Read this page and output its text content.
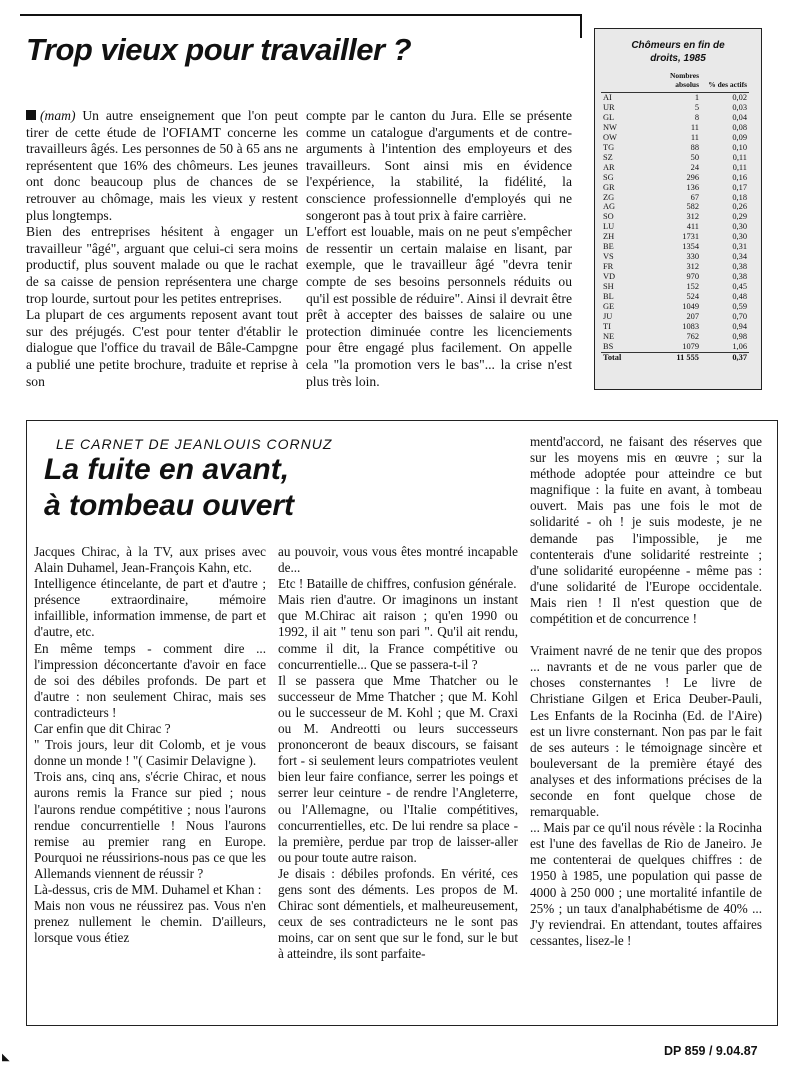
Trop vieux pour travailler ?

(mam) Un autre enseignement que l'on peut tirer de cette étude de l'OFIAMT concerne les travailleurs âgés. Les personnes de 50 à 65 ans ne représentent que 16% des chômeurs. Les jeunes ont donc beaucoup plus de chances de se retrouver au chômage, mais les vieux y restent plus longtemps.

Bien des entreprises hésitent à engager un travailleur "âgé", arguant que celui-ci sera moins productif, plus souvent malade ou que le rachat de sa caisse de pension représentera une charge trop lourde, surtout pour les petites entreprises.

La plupart de ces arguments reposent avant tout sur des préjugés. C'est pour tenter d'établir le dialogue que l'office du travail de Bâle-Campgne a publié une petite brochure, traduite et reprise à son

compte par le canton du Jura. Elle se présente comme un catalogue d'arguments et de contre-arguments à l'intention des employeurs et des travailleurs. Sont ainsi mis en évidence l'expérience, la stabilité, la fidélité, la conscience professionnelle d'employés qui ne songeront pas à tout prix à faire carrière.

L'effort est louable, mais on ne peut s'empêcher de ressentir un certain malaise en lisant, par exemple, que le travailleur âgé "devra tenir compte de ses besoins personnels réduits ou qu'il est possible de réduire". Ainsi il devrait être prêt à accepter des baisses de salaire ou une protection diminuée contre les licenciements pour être engagé plus facilement. On appelle cela "la promotion vers le bas"... la crise n'est plus très loin.

Chômeurs en fin de
droits, 1985
	Nombres absolus	% des actifs
AI	1	0,02
UR	5	0,03
GL	8	0,04
NW	11	0,08
OW	11	0,09
TG	88	0,10
SZ	50	0,11
AR	24	0,11
SG	296	0,16
GR	136	0,17
ZG	67	0,18
AG	582	0,26
SO	312	0,29
LU	411	0,30
ZH	1731	0,30
BE	1354	0,31
VS	330	0,34
FR	312	0,38
VD	970	0,38
SH	152	0,45
BL	524	0,48
GE	1049	0,59
JU	207	0,70
TI	1083	0,94
NE	762	0,98
BS	1079	1,06
Total	11 555	0,37
LE CARNET DE JEANLOUIS CORNUZ
La fuite en avant,
à tombeau ouvert

Jacques Chirac, à la TV, aux prises avec Alain Duhamel, Jean-François Kahn, etc.

Intelligence étincelante, de part et d'autre ; présence extraordinaire, mémoire infaillible, information immense, de part et d'autre, etc.

En même temps - comment dire ... l'impression déconcertante d'avoir en face de soi des débiles profonds. De part et d'autre : non seulement Chirac, mais ses contradicteurs !

Car enfin que dit Chirac ?

" Trois jours, leur dit Colomb, et je vous donne un monde ! "( Casimir Delavigne ).

Trois ans, cinq ans, s'écrie Chirac, et nous aurons remis la France sur pied ; nous l'aurons rendue compétitive ; nous l'aurons rendue concurrentielle ! Nous l'aurons remise au premier rang en Europe. Pourquoi ne réussirions-nous pas ce que les Allemands viennent de réussir ?

Là-dessus, cris de MM. Duhamel et Khan :

Mais non vous ne réussirez pas. Vous n'en prenez nullement le chemin. D'ailleurs, lorsque vous étiez

au pouvoir, vous vous êtes montré incapable de...

Etc ! Bataille de chiffres, confusion générale.

Mais rien d'autre. Or imaginons un instant que M.Chirac ait raison ; qu'en 1990 ou 1992, il ait " tenu son pari ". Qu'il ait rendu, comme il dit, la France compétitive ou concurrentielle... Que se passera-t-il ?

Il se passera que Mme Thatcher ou le successeur de Mme Thatcher ; que M. Kohl ou le successeur de M. Kohl ; que M. Craxi ou M. Andreotti ou leurs successeurs prononceront de beaux discours, se faisant fort - si seulement leurs compatriotes veulent bien leur faire confiance, serrer les poings et serrer leur ceinture - de rendre l'Angleterre, ou l'Allemagne, ou l'Italie compétitives, concurrentielles, etc. De lui rendre sa place - la première, perdue par trop de laisser-aller ou pour toute autre raison.

Je disais : débiles profonds. En vérité, ces gens sont des déments. Les propos de M. Chirac sont démentiels, et malheureusement, ceux de ses contradicteurs ne le sont pas moins, car on sent que sur le fond, sur le but à atteindre, ils sont parfaite-

mentd'accord, ne faisant des réserves que sur les moyens mis en œuvre ; sur la méthode adoptée pour atteindre ce but magnifique : la fuite en avant, à tombeau ouvert. Mais pas une fois le mot de solidarité - oh ! je suis modeste, je ne demande pas l'impossible, je me contenterais d'une solidarité restreinte ; d'une solidarité européenne - même pas : d'une solidarité de l'Europe occidentale. Mais rien ! Il n'est question que de compétition et de concurrence !

Vraiment navré de ne tenir que des propos ... navrants et de ne vous parler que de choses consternantes ! Le livre de Christiane Gilgen et Erica Deuber-Pauli, Les Enfants de la Rocinha (Ed. de l'Aire) est un livre consternant. Non pas par le fait de ses auteurs : le témoignage sincère et bouleversant de la première étayé des analyses et des informations précises de la seconde en font quelque chose de remarquable.

... Mais par ce qu'il nous révèle : la Rocinha est l'une des favellas de Rio de Janeiro. Je me contenterai de quelques chiffres : de 1950 à 1985, une population qui passe de 4000 à 250 000 ; une mortalité infantile de 25% ; un taux d'analphabétisme de 40% ... J'y reviendrai. En attendant, toutes affaires cessantes, lisez-le !

◣	DP 859 / 9.04.87
